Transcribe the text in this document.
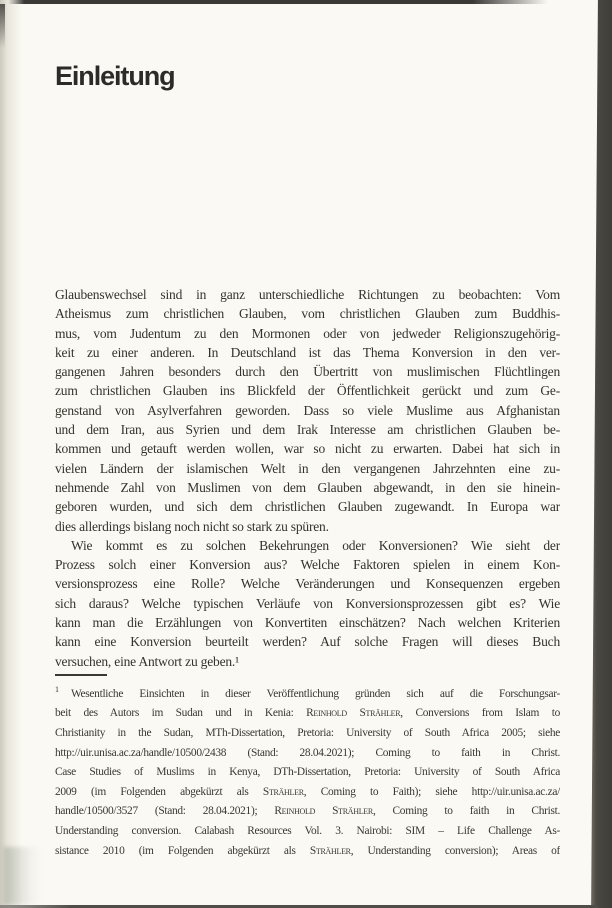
Einleitung
Glaubenswechsel sind in ganz unterschiedliche Richtungen zu beobachten: Vom
Atheismus zum christlichen Glauben, vom christlichen Glauben zum Buddhis-
mus, vom Judentum zu den Mormonen oder von jedweder Religionszugehörig-
keit zu einer anderen. In Deutschland ist das Thema Konversion in den ver-
gangenen Jahren besonders durch den Übertritt von muslimischen Flüchtlingen
zum christlichen Glauben ins Blickfeld der Öffentlichkeit gerückt und zum Ge-
genstand von Asylverfahren geworden. Dass so viele Muslime aus Afghanistan
und dem Iran, aus Syrien und dem Irak Interesse am christlichen Glauben be-
kommen und getauft werden wollen, war so nicht zu erwarten. Dabei hat sich in
vielen Ländern der islamischen Welt in den vergangenen Jahrzehnten eine zu-
nehmende Zahl von Muslimen von dem Glauben abgewandt, in den sie hinein-
geboren wurden, und sich dem christlichen Glauben zugewandt. In Europa war
dies allerdings bislang noch nicht so stark zu spüren.
Wie kommt es zu solchen Bekehrungen oder Konversionen? Wie sieht der
Prozess solch einer Konversion aus? Welche Faktoren spielen in einem Kon-
versionsprozess eine Rolle? Welche Veränderungen und Konsequenzen ergeben
sich daraus? Welche typischen Verläufe von Konversionsprozessen gibt es? Wie
kann man die Erzählungen von Konvertiten einschätzen? Nach welchen Kriterien
kann eine Konversion beurteilt werden? Auf solche Fragen will dieses Buch
versuchen, eine Antwort zu geben.¹
$^1$ Wesentliche Einsichten in dieser Veröffentlichung gründen sich auf die Forschungsar-
beit des Autors im Sudan und in Kenia: Reinhold Strähler, Conversions from Islam to
Christianity in the Sudan, MTh-Dissertation, Pretoria: University of South Africa 2005; siehe
http://uir.unisa.ac.za/handle/10500/2438 (Stand: 28.04.2021); Coming to faith in Christ.
Case Studies of Muslims in Kenya, DTh-Dissertation, Pretoria: University of South Africa
2009 (im Folgenden abgekürzt als Strähler, Coming to Faith); siehe http://uir.unisa.ac.za/
handle/10500/3527 (Stand: 28.04.2021); Reinhold Strähler, Coming to faith in Christ.
Understanding conversion. Calabash Resources Vol. 3. Nairobi: SIM – Life Challenge As-
sistance 2010 (im Folgenden abgekürzt als Strähler, Understanding conversion); Areas of
